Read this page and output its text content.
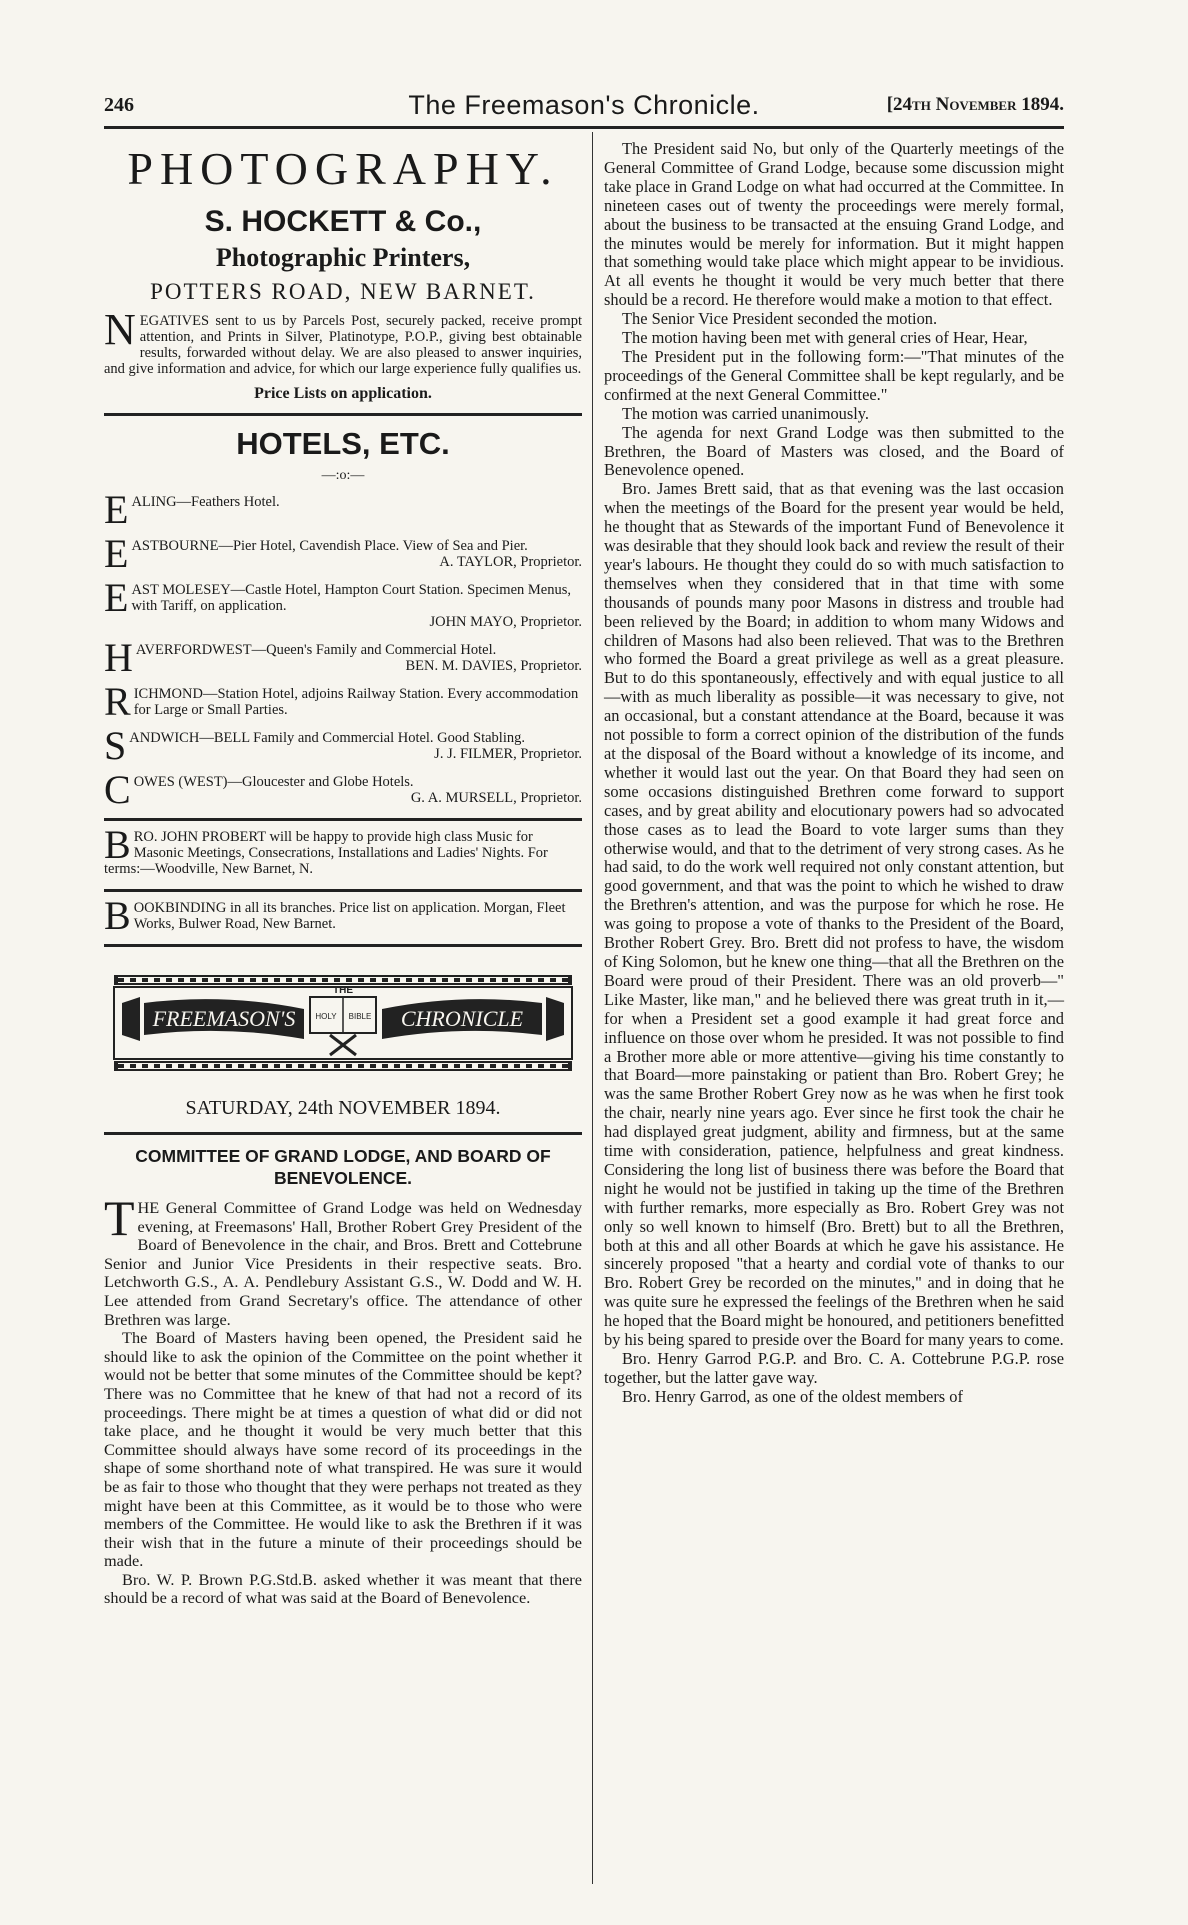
246	The Freemason's Chronicle.	[24th November 1894.
PHOTOGRAPHY.
S. HOCKETT & Co.,
Photographic Printers,
POTTERS ROAD, NEW BARNET.
N EGATIVES sent to us by Parcels Post, securely packed, receive prompt attention, and Prints in Silver, Platinotype, P.O.P., giving best obtainable results, forwarded without delay. We are also pleased to answer inquiries, and give information and advice, for which our large experience fully qualifies us.
Price Lists on application.
HOTELS, ETC.
—:o:—
E ALING—Feathers Hotel.
E ASTBOURNE—Pier Hotel, Cavendish Place. View of Sea and Pier.
A. TAYLOR, Proprietor.
E AST MOLESEY—Castle Hotel, Hampton Court Station. Specimen Menus, with Tariff, on application.
JOHN MAYO, Proprietor.
H AVERFORDWEST—Queen's Family and Commercial Hotel.
BEN. M. DAVIES, Proprietor.
R ICHMOND—Station Hotel, adjoins Railway Station. Every accommodation for Large or Small Parties.
S ANDWICH—BELL Family and Commercial Hotel. Good Stabling.
J. J. FILMER, Proprietor.
C OWES (WEST)—Gloucester and Globe Hotels.
G. A. MURSELL, Proprietor.
B RO. JOHN PROBERT will be happy to provide high class Music for Masonic Meetings, Consecrations, Installations and Ladies' Nights. For terms:—Woodville, New Barnet, N.
B OOKBINDING in all its branches. Price list on application. Morgan, Fleet Works, Bulwer Road, New Barnet.
FREEMASON'S	CHRONICLE
THE
HOLY BIBLE
SATURDAY, 24th NOVEMBER 1894.
COMMITTEE OF GRAND LODGE, AND BOARD OF BENEVOLENCE.

THE General Committee of Grand Lodge was held on Wednesday evening, at Freemasons' Hall, Brother Robert Grey President of the Board of Benevolence in the chair, and Bros. Brett and Cottebrune Senior and Junior Vice Presidents in their respective seats. Bro. Letchworth G.S., A. A. Pendlebury Assistant G.S., W. Dodd and W. H. Lee attended from Grand Secretary's office. The attendance of other Brethren was large.

The Board of Masters having been opened, the President said he should like to ask the opinion of the Committee on the point whether it would not be better that some minutes of the Committee should be kept? There was no Committee that he knew of that had not a record of its proceedings. There might be at times a question of what did or did not take place, and he thought it would be very much better that this Committee should always have some record of its proceedings in the shape of some shorthand note of what transpired. He was sure it would be as fair to those who thought that they were perhaps not treated as they might have been at this Committee, as it would be to those who were members of the Committee. He would like to ask the Brethren if it was their wish that in the future a minute of their proceedings should be made.

Bro. W. P. Brown P.G.Std.B. asked whether it was meant that there should be a record of what was said at the Board of Benevolence.

The President said No, but only of the Quarterly meetings of the General Committee of Grand Lodge, because some discussion might take place in Grand Lodge on what had occurred at the Committee. In nineteen cases out of twenty the proceedings were merely formal, about the business to be transacted at the ensuing Grand Lodge, and the minutes would be merely for information. But it might happen that something would take place which might appear to be invidious. At all events he thought it would be very much better that there should be a record. He therefore would make a motion to that effect.

The Senior Vice President seconded the motion.

The motion having been met with general cries of Hear, Hear,

The President put in the following form:—"That minutes of the proceedings of the General Committee shall be kept regularly, and be confirmed at the next General Committee."

The motion was carried unanimously.

The agenda for next Grand Lodge was then submitted to the Brethren, the Board of Masters was closed, and the Board of Benevolence opened.

Bro. James Brett said, that as that evening was the last occasion when the meetings of the Board for the present year would be held, he thought that as Stewards of the important Fund of Benevolence it was desirable that they should look back and review the result of their year's labours. He thought they could do so with much satisfaction to themselves when they considered that in that time with some thousands of pounds many poor Masons in distress and trouble had been relieved by the Board; in addition to whom many Widows and children of Masons had also been relieved. That was to the Brethren who formed the Board a great privilege as well as a great pleasure. But to do this spontaneously, effectively and with equal justice to all—with as much liberality as possible—it was necessary to give, not an occasional, but a constant attendance at the Board, because it was not possible to form a correct opinion of the distribution of the funds at the disposal of the Board without a knowledge of its income, and whether it would last out the year. On that Board they had seen on some occasions distinguished Brethren come forward to support cases, and by great ability and elocutionary powers had so advocated those cases as to lead the Board to vote larger sums than they otherwise would, and that to the detriment of very strong cases. As he had said, to do the work well required not only constant attention, but good government, and that was the point to which he wished to draw the Brethren's attention, and was the purpose for which he rose. He was going to propose a vote of thanks to the President of the Board, Brother Robert Grey. Bro. Brett did not profess to have, the wisdom of King Solomon, but he knew one thing—that all the Brethren on the Board were proud of their President. There was an old proverb—" Like Master, like man," and he believed there was great truth in it,—for when a President set a good example it had great force and influence on those over whom he presided. It was not possible to find a Brother more able or more attentive—giving his time constantly to that Board—more painstaking or patient than Bro. Robert Grey; he was the same Brother Robert Grey now as he was when he first took the chair, nearly nine years ago. Ever since he first took the chair he had displayed great judgment, ability and firmness, but at the same time with consideration, patience, helpfulness and great kindness. Considering the long list of business there was before the Board that night he would not be justified in taking up the time of the Brethren with further remarks, more especially as Bro. Robert Grey was not only so well known to himself (Bro. Brett) but to all the Brethren, both at this and all other Boards at which he gave his assistance. He sincerely proposed "that a hearty and cordial vote of thanks to our Bro. Robert Grey be recorded on the minutes," and in doing that he was quite sure he expressed the feelings of the Brethren when he said he hoped that the Board might be honoured, and petitioners benefitted by his being spared to preside over the Board for many years to come.

Bro. Henry Garrod P.G.P. and Bro. C. A. Cottebrune P.G.P. rose together, but the latter gave way.

Bro. Henry Garrod, as one of the oldest members of
